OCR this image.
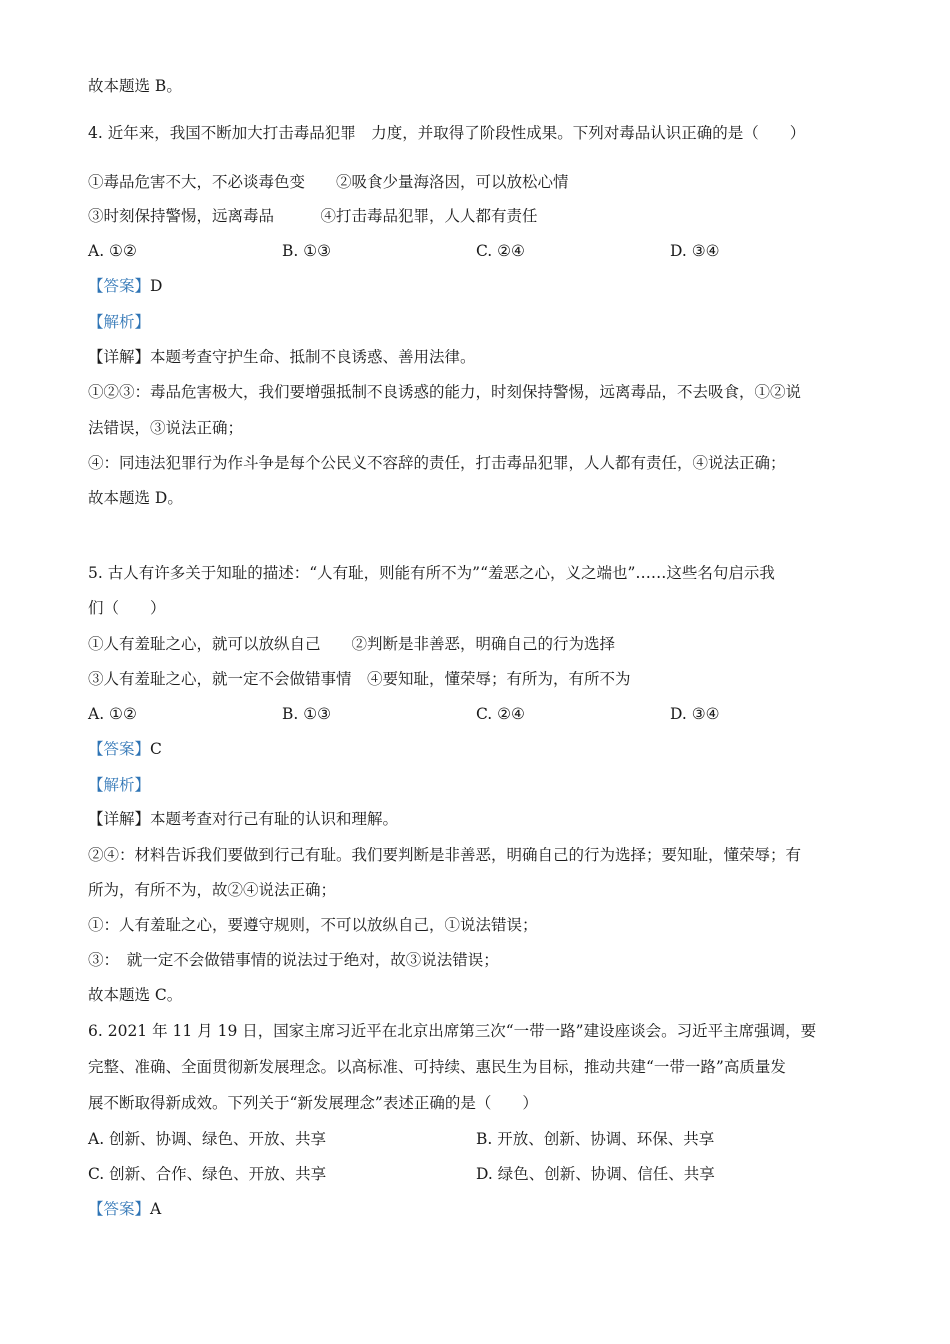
故本题选 B。
4. 近年来，我国不断加大打击毒品犯罪　力度，并取得了阶段性成果。下列对毒品认识正确的是（　　）
①毒品危害不大，不必谈毒色变　　②吸食少量海洛因，可以放松心情
③时刻保持警惕，远离毒品　　　④打击毒品犯罪，人人都有责任
A. ①②	B. ①③	C. ②④	D. ③④
【答案】D
【解析】
【详解】本题考查守护生命、抵制不良诱惑、善用法律。
①②③：毒品危害极大，我们要增强抵制不良诱惑的能力，时刻保持警惕，远离毒品，不去吸食，①②说
法错误，③说法正确；
④：同违法犯罪行为作斗争是每个公民义不容辞的责任，打击毒品犯罪，人人都有责任，④说法正确；
故本题选 D。
5. 古人有许多关于知耻的描述：“人有耻，则能有所不为”“羞恶之心，义之端也”……这些名句启示我
们（　　）
①人有羞耻之心，就可以放纵自己　　②判断是非善恶，明确自己的行为选择
③人有羞耻之心，就一定不会做错事情　④要知耻，懂荣辱；有所为，有所不为
A. ①②	B. ①③	C. ②④	D. ③④
【答案】C
【解析】
【详解】本题考查对行己有耻的认识和理解。
②④：材料告诉我们要做到行己有耻。我们要判断是非善恶，明确自己的行为选择；要知耻，懂荣辱；有
所为，有所不为，故②④说法正确；
①：人有羞耻之心，要遵守规则，不可以放纵自己，①说法错误；
③：　就一定不会做错事情的说法过于绝对，故③说法错误；
故本题选 C。
6. 2021 年 11 月 19 日，国家主席习近平在北京出席第三次“一带一路”建设座谈会。习近平主席强调，要
完整、准确、全面贯彻新发展理念。以高标准、可持续、惠民生为目标，推动共建“一带一路”高质量发
展不断取得新成效。下列关于“新发展理念”表述正确的是（　　）
A. 创新、协调、绿色、开放、共享	B. 开放、创新、协调、环保、共享
C. 创新、合作、绿色、开放、共享	D. 绿色、创新、协调、信任、共享
【答案】A
